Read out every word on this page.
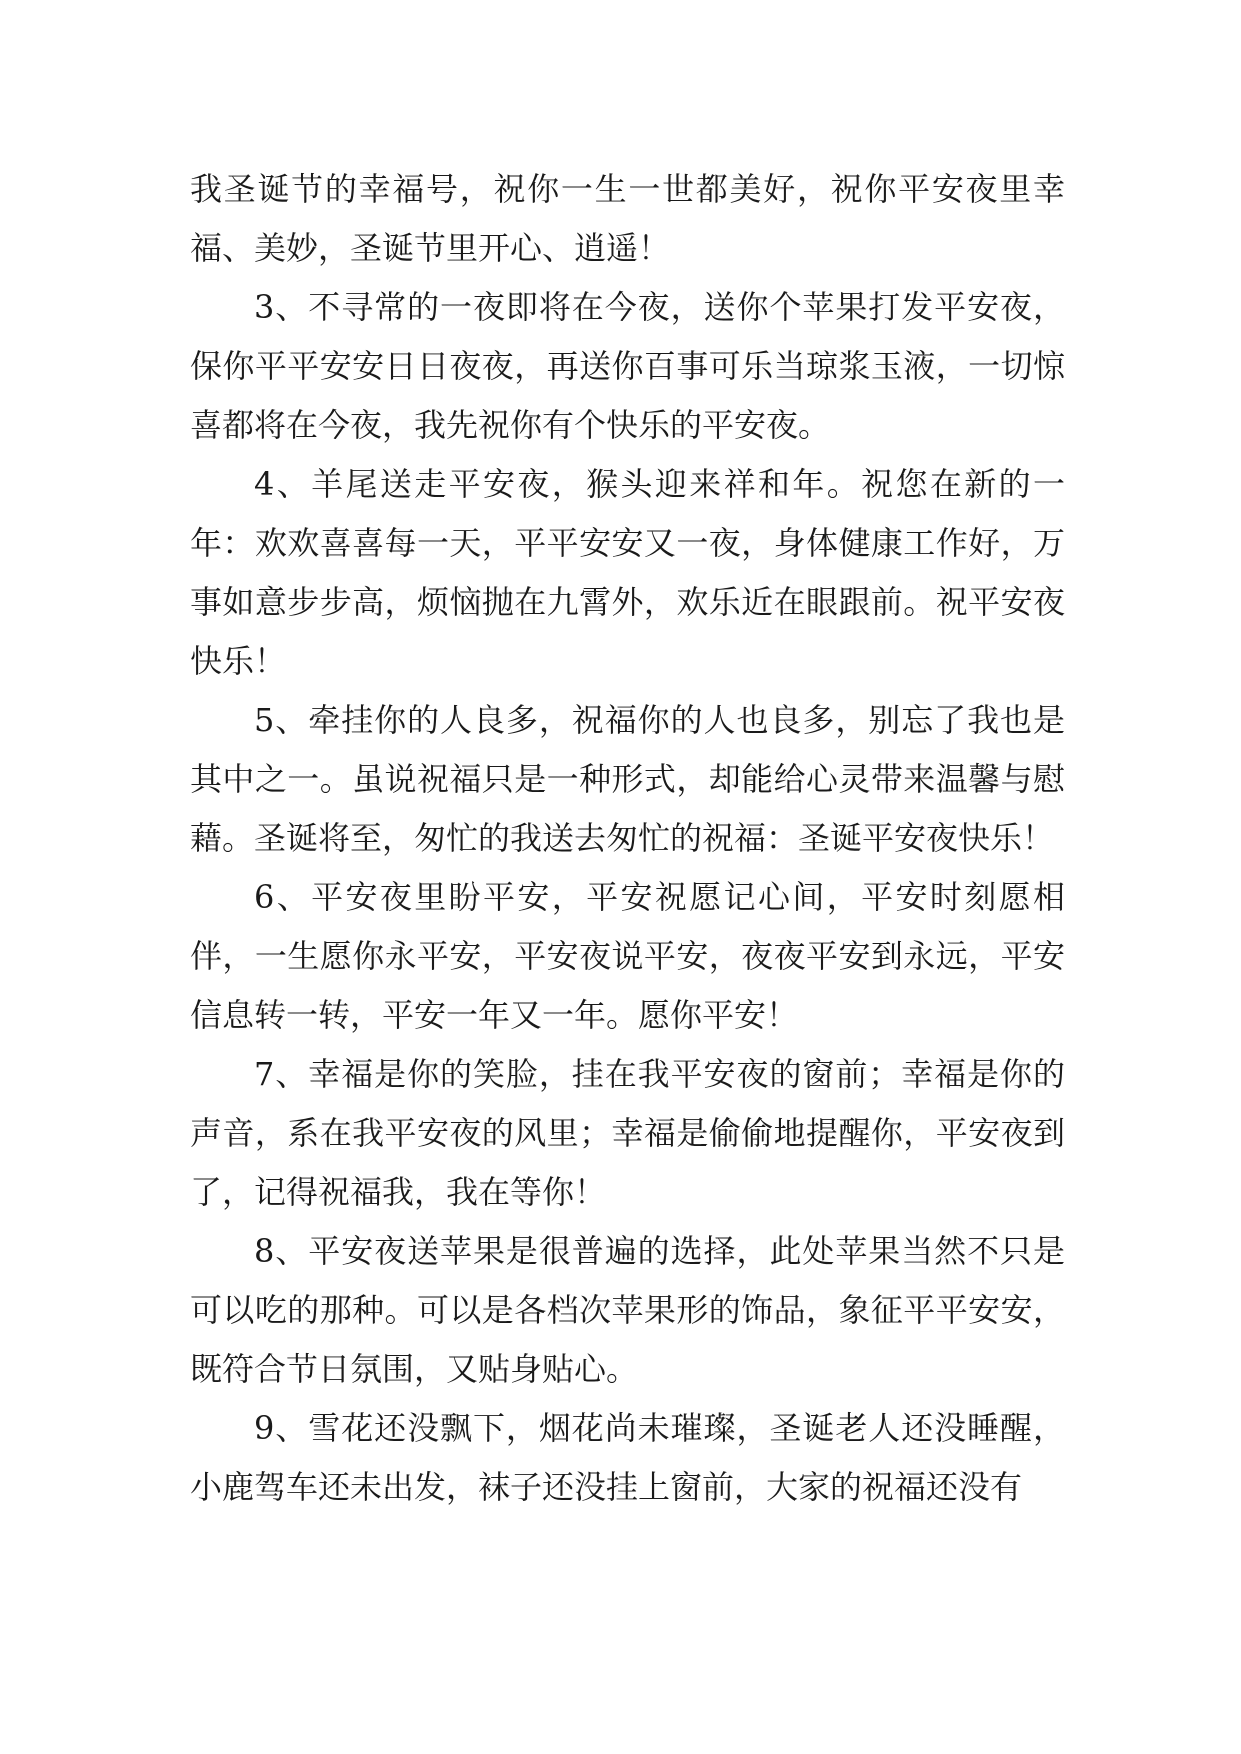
我圣诞节的幸福号，祝你一生一世都美好，祝你平安夜里幸福、美妙，圣诞节里开心、逍遥！

3、不寻常的一夜即将在今夜，送你个苹果打发平安夜，保你平平安安日日夜夜，再送你百事可乐当琼浆玉液，一切惊喜都将在今夜，我先祝你有个快乐的平安夜。

4、羊尾送走平安夜，猴头迎来祥和年。祝您在新的一年：欢欢喜喜每一天，平平安安又一夜，身体健康工作好，万事如意步步高，烦恼抛在九霄外，欢乐近在眼跟前。祝平安夜快乐！

5、牵挂你的人良多，祝福你的人也良多，别忘了我也是其中之一。虽说祝福只是一种形式，却能给心灵带来温馨与慰藉。圣诞将至，匆忙的我送去匆忙的祝福：圣诞平安夜快乐！

6、平安夜里盼平安，平安祝愿记心间，平安时刻愿相伴，一生愿你永平安，平安夜说平安，夜夜平安到永远，平安信息转一转，平安一年又一年。愿你平安！

7、幸福是你的笑脸，挂在我平安夜的窗前；幸福是你的声音，系在我平安夜的风里；幸福是偷偷地提醒你，平安夜到了，记得祝福我，我在等你！

8、平安夜送苹果是很普遍的选择，此处苹果当然不只是可以吃的那种。可以是各档次苹果形的饰品，象征平平安安，既符合节日氛围，又贴身贴心。

9、雪花还没飘下，烟花尚未璀璨，圣诞老人还没睡醒，小鹿驾车还未出发，袜子还没挂上窗前，大家的祝福还没有
